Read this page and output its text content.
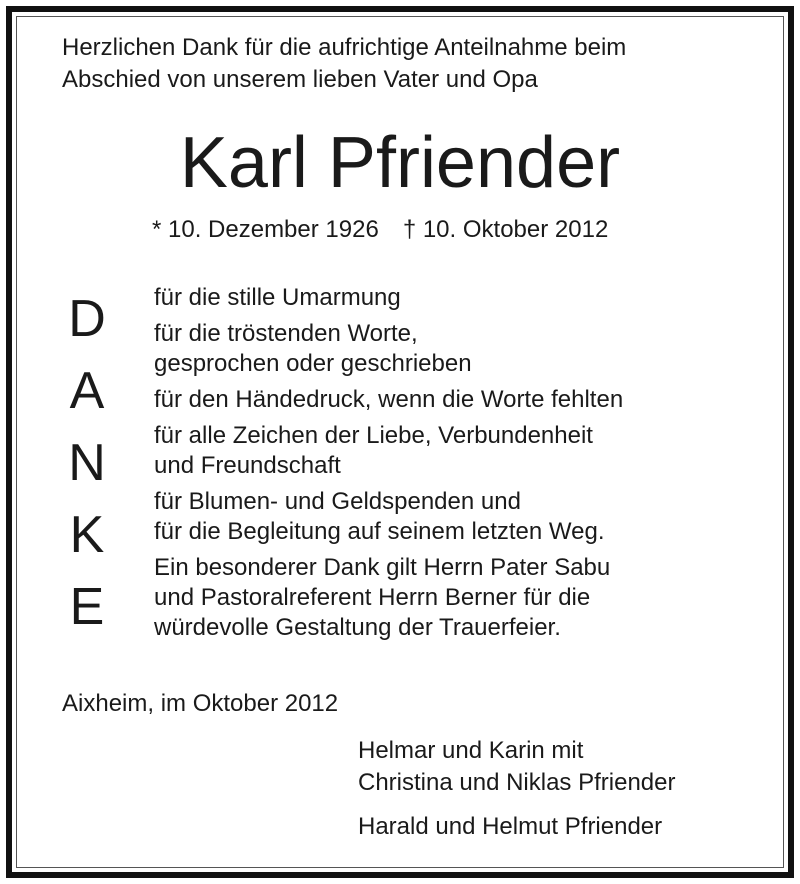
Herzlichen Dank für die aufrichtige Anteilnahme beim
Abschied von unserem lieben Vater und Opa
Karl Pfriender
* 10. Dezember 1926 † 10. Oktober 2012
D
A
N
K
E
für die stille Umarmung
für die tröstenden Worte,
gesprochen oder geschrieben
für den Händedruck, wenn die Worte fehlten
für alle Zeichen der Liebe, Verbundenheit
und Freundschaft
für Blumen- und Geldspenden und
für die Begleitung auf seinem letzten Weg.
Ein besonderer Dank gilt Herrn Pater Sabu
und Pastoralreferent Herrn Berner für die
würdevolle Gestaltung der Trauerfeier.
Aixheim, im Oktober 2012
Helmar und Karin mit
Christina und Niklas Pfriender
Harald und Helmut Pfriender
